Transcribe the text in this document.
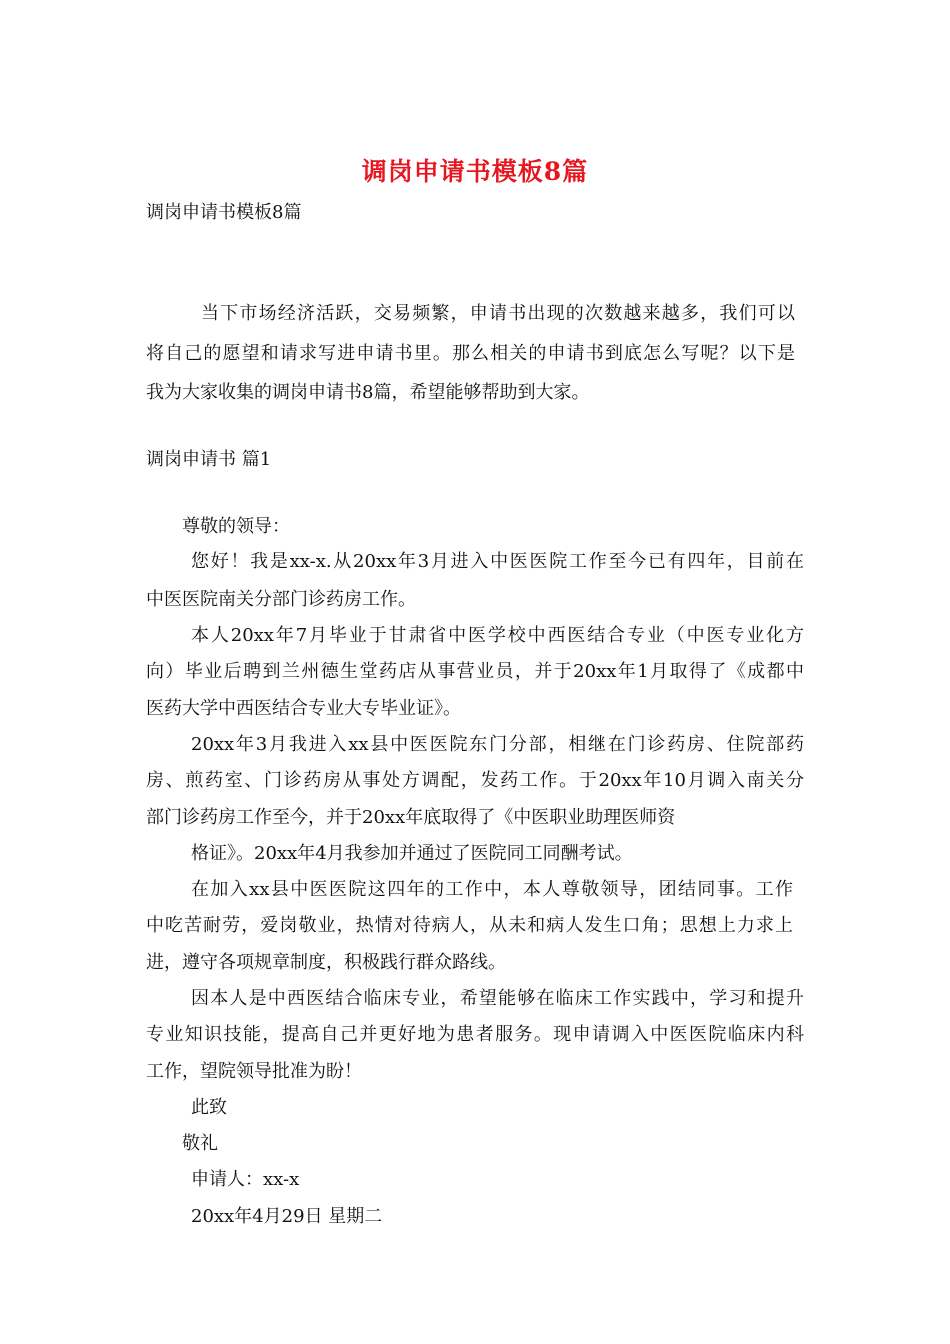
调岗申请书模板8篇
调岗申请书模板8篇
当下市场经济活跃，交易频繁，申请书出现的次数越来越多，我们可以
将自己的愿望和请求写进申请书里。那么相关的申请书到底怎么写呢？以下是
我为大家收集的调岗申请书8篇，希望能够帮助到大家。
调岗申请书 篇1
尊敬的领导：
您好！我是xx-x.从20xx年3月进入中医医院工作至今已有四年，目前在
中医医院南关分部门诊药房工作。
本人20xx年7月毕业于甘肃省中医学校中西医结合专业（中医专业化方
向）毕业后聘到兰州德生堂药店从事营业员，并于20xx年1月取得了《成都中
医药大学中西医结合专业大专毕业证》。
20xx年3月我进入xx县中医医院东门分部，相继在门诊药房、住院部药
房、煎药室、门诊药房从事处方调配，发药工作。于20xx年10月调入南关分
部门诊药房工作至今，并于20xx年底取得了《中医职业助理医师资
格证》。20xx年4月我参加并通过了医院同工同酬考试。
在加入xx县中医医院这四年的工作中，本人尊敬领导，团结同事。工作
中吃苦耐劳，爱岗敬业，热情对待病人，从未和病人发生口角；思想上力求上
进，遵守各项规章制度，积极践行群众路线。
因本人是中西医结合临床专业，希望能够在临床工作实践中，学习和提升
专业知识技能，提高自己并更好地为患者服务。现申请调入中医医院临床内科
工作，望院领导批准为盼！
此致
敬礼
申请人：xx-x
20xx年4月29日 星期二
